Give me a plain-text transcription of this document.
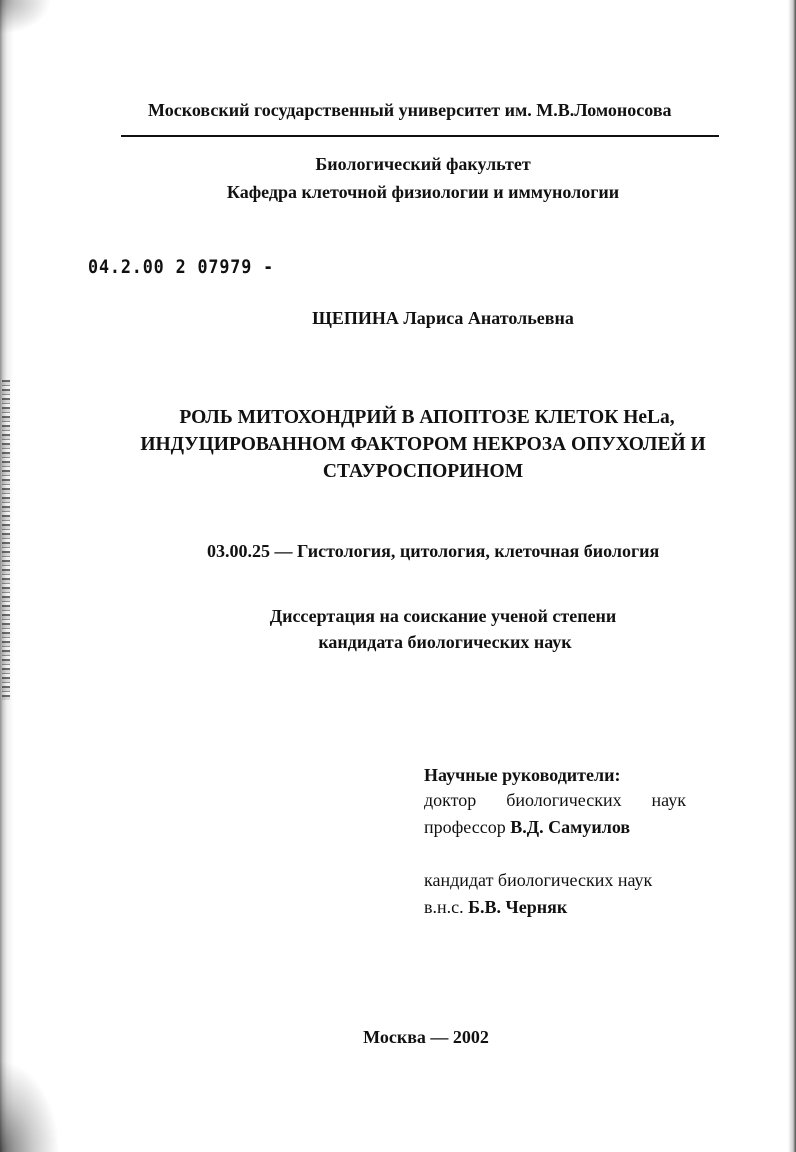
Московский государственный университет им. М.В.Ломоносова
Биологический факультет
Кафедра клеточной физиологии и иммунологии
04.2.00 2 07979 -
ЩЕПИНА Лариса Анатольевна
РОЛЬ МИТОХОНДРИЙ В АПОПТОЗЕ КЛЕТОК HeLa,
ИНДУЦИРОВАННОМ ФАКТОРОМ НЕКРОЗА ОПУХОЛЕЙ И
СТАУРОСПОРИНОМ
03.00.25 — Гистология, цитология, клеточная биология
Диссертация на соискание ученой степени
кандидата биологических наук
Научные руководители:
доктор биологических наук
профессор В.Д. Самуилов
кандидат биологических наук
в.н.с. Б.В. Черняк
Москва — 2002
